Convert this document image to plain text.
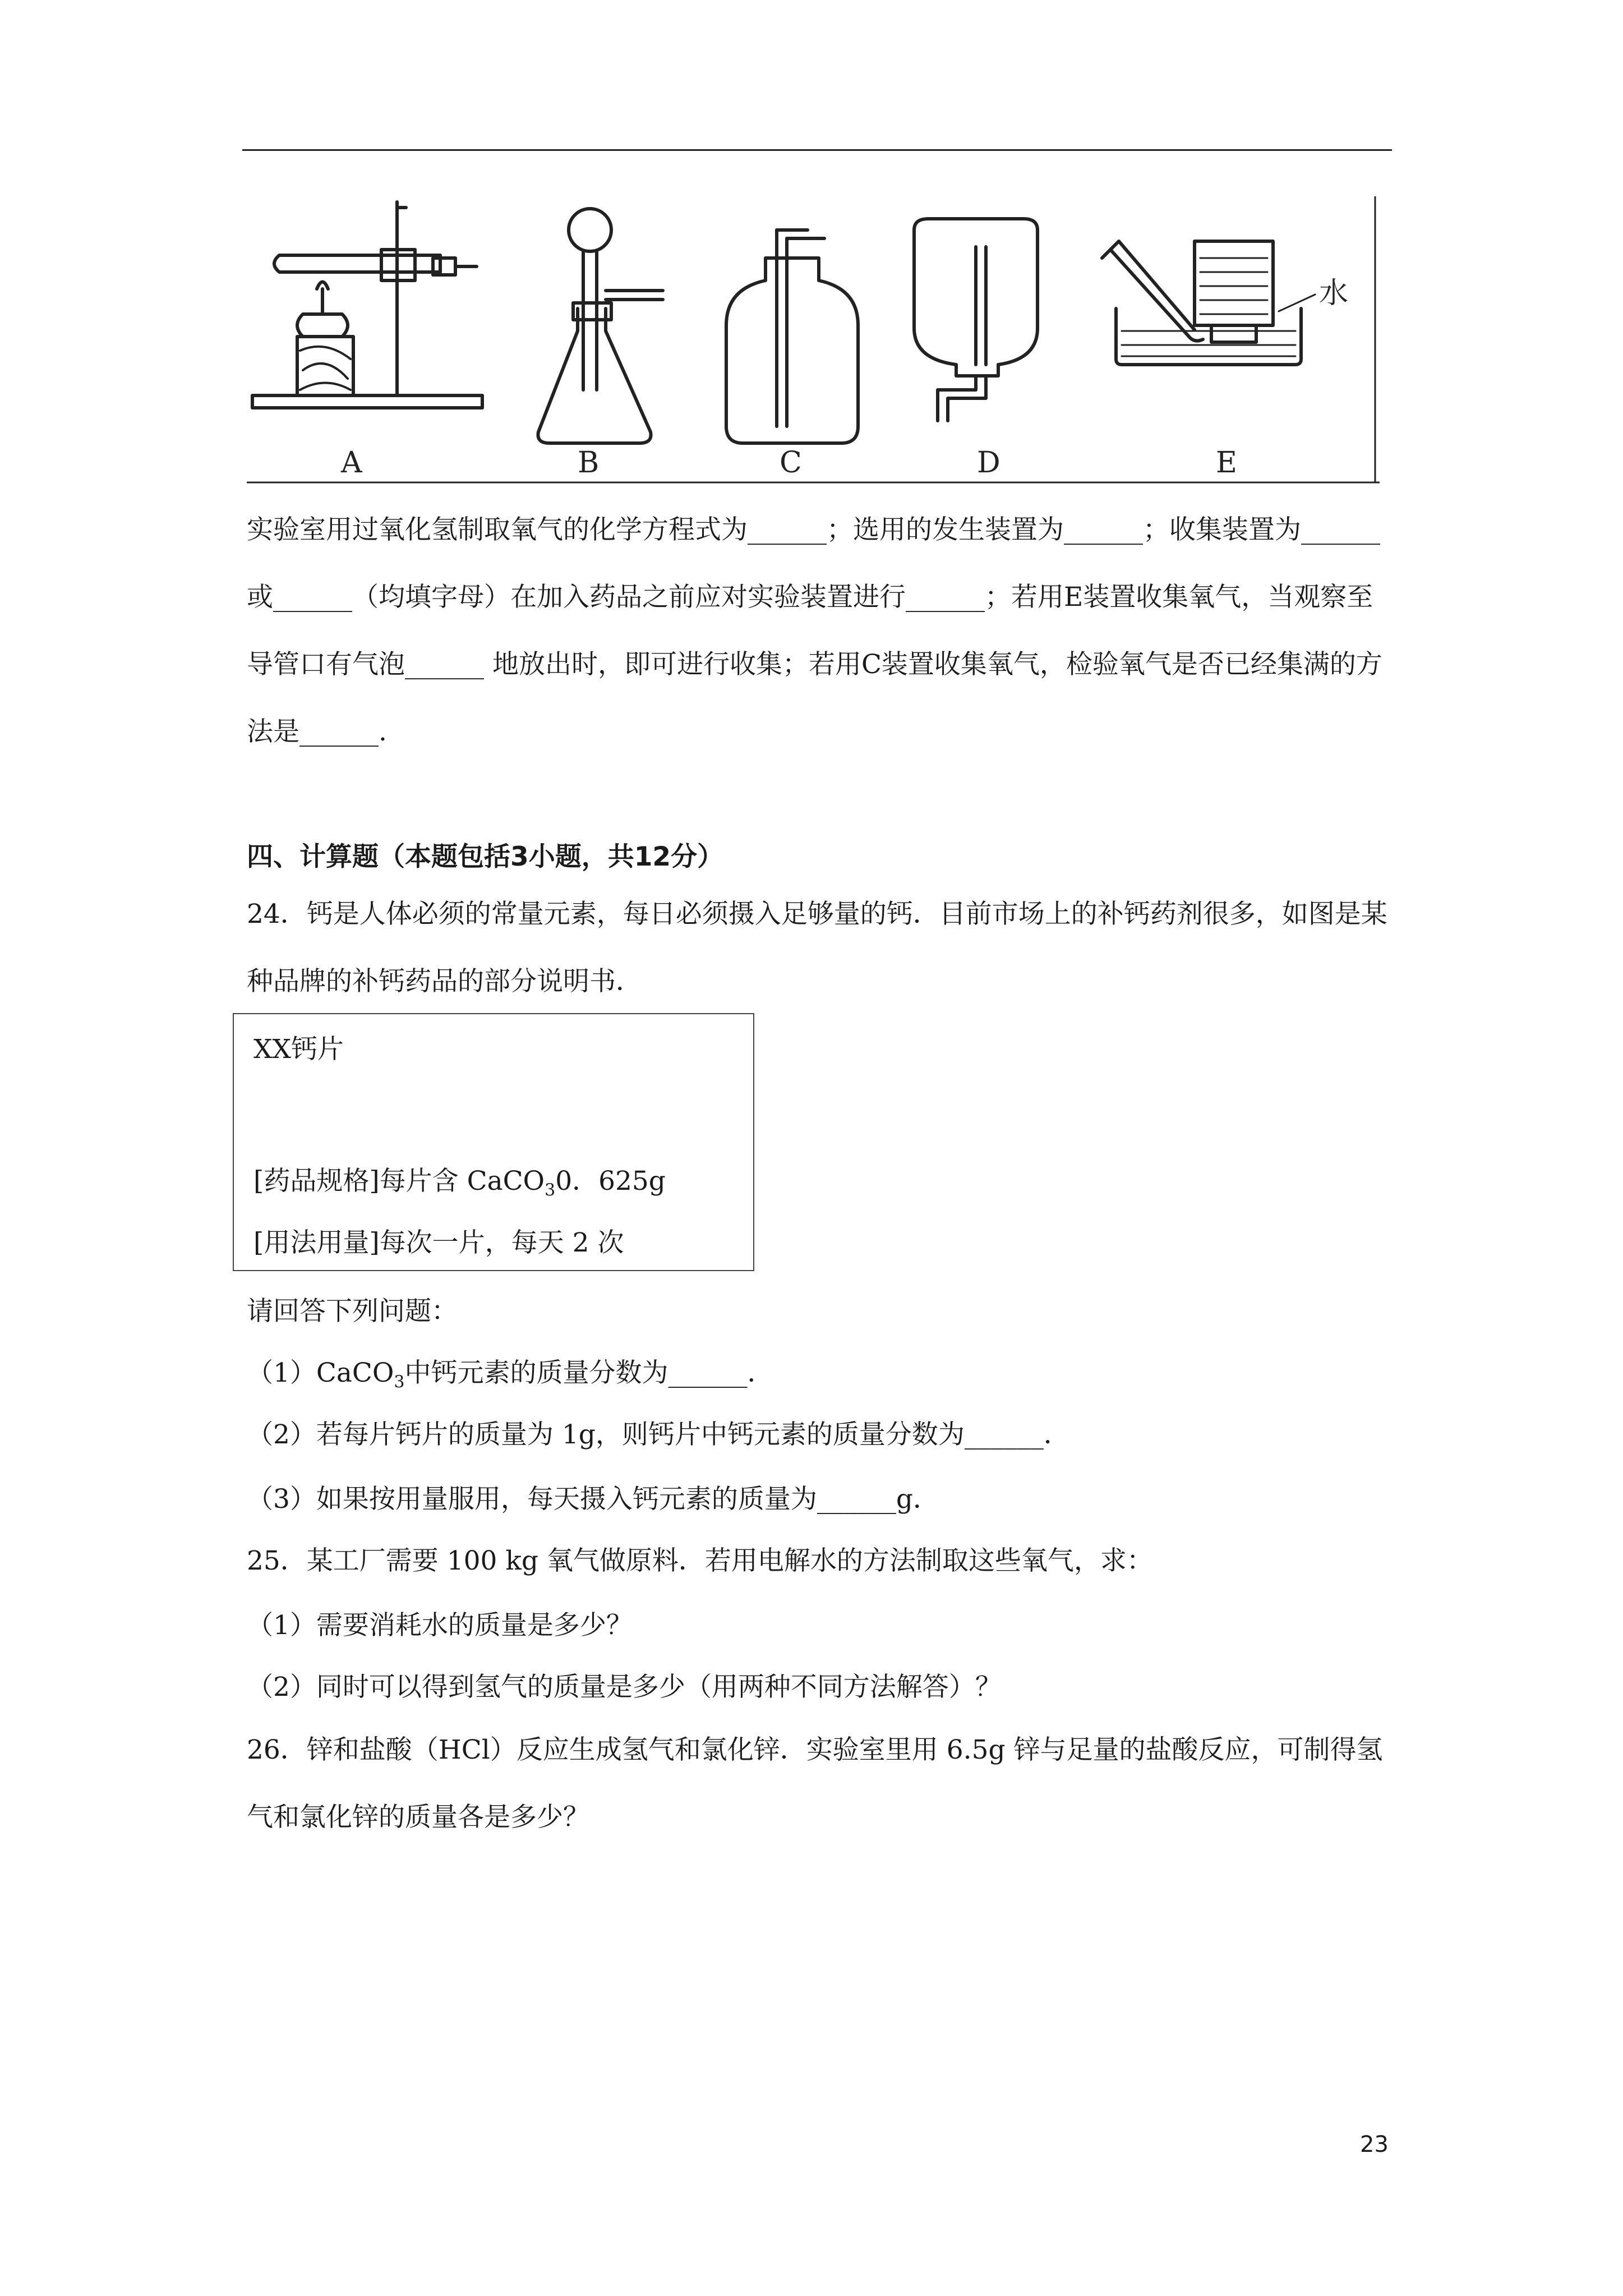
A	B	C	D	E
水
实验室用过氧化氢制取氧气的化学方程式为______；选用的发生装置为______；收集装置为______ 或______（均填字母）在加入药品之前应对实验装置进行______；若用E装置收集氧气，当观察至导管口有气泡______ 地放出时，即可进行收集；若用C装置收集氧气，检验氧气是否已经集满的方法是______.
四、计算题（本题包括3小题，共12分）
24．钙是人体必须的常量元素，每日必须摄入足够量的钙．目前市场上的补钙药剂很多，如图是某种品牌的补钙药品的部分说明书．
XX钙片
[药品规格]每片含 CaCO$_3$0．625g
[用法用量]每次一片，每天 2 次
请回答下列问题：
（1）CaCO$_3$中钙元素的质量分数为______．
（2）若每片钙片的质量为 1g，则钙片中钙元素的质量分数为______．
（3）如果按用量服用，每天摄入钙元素的质量为______g．
25．某工厂需要 100 kg 氧气做原料．若用电解水的方法制取这些氧气，求：
（1）需要消耗水的质量是多少？
（2）同时可以得到氢气的质量是多少（用两种不同方法解答）？
26．锌和盐酸（HCl）反应生成氢气和氯化锌．实验室里用 6.5g 锌与足量的盐酸反应，可制得氢气和氯化锌的质量各是多少？
23
